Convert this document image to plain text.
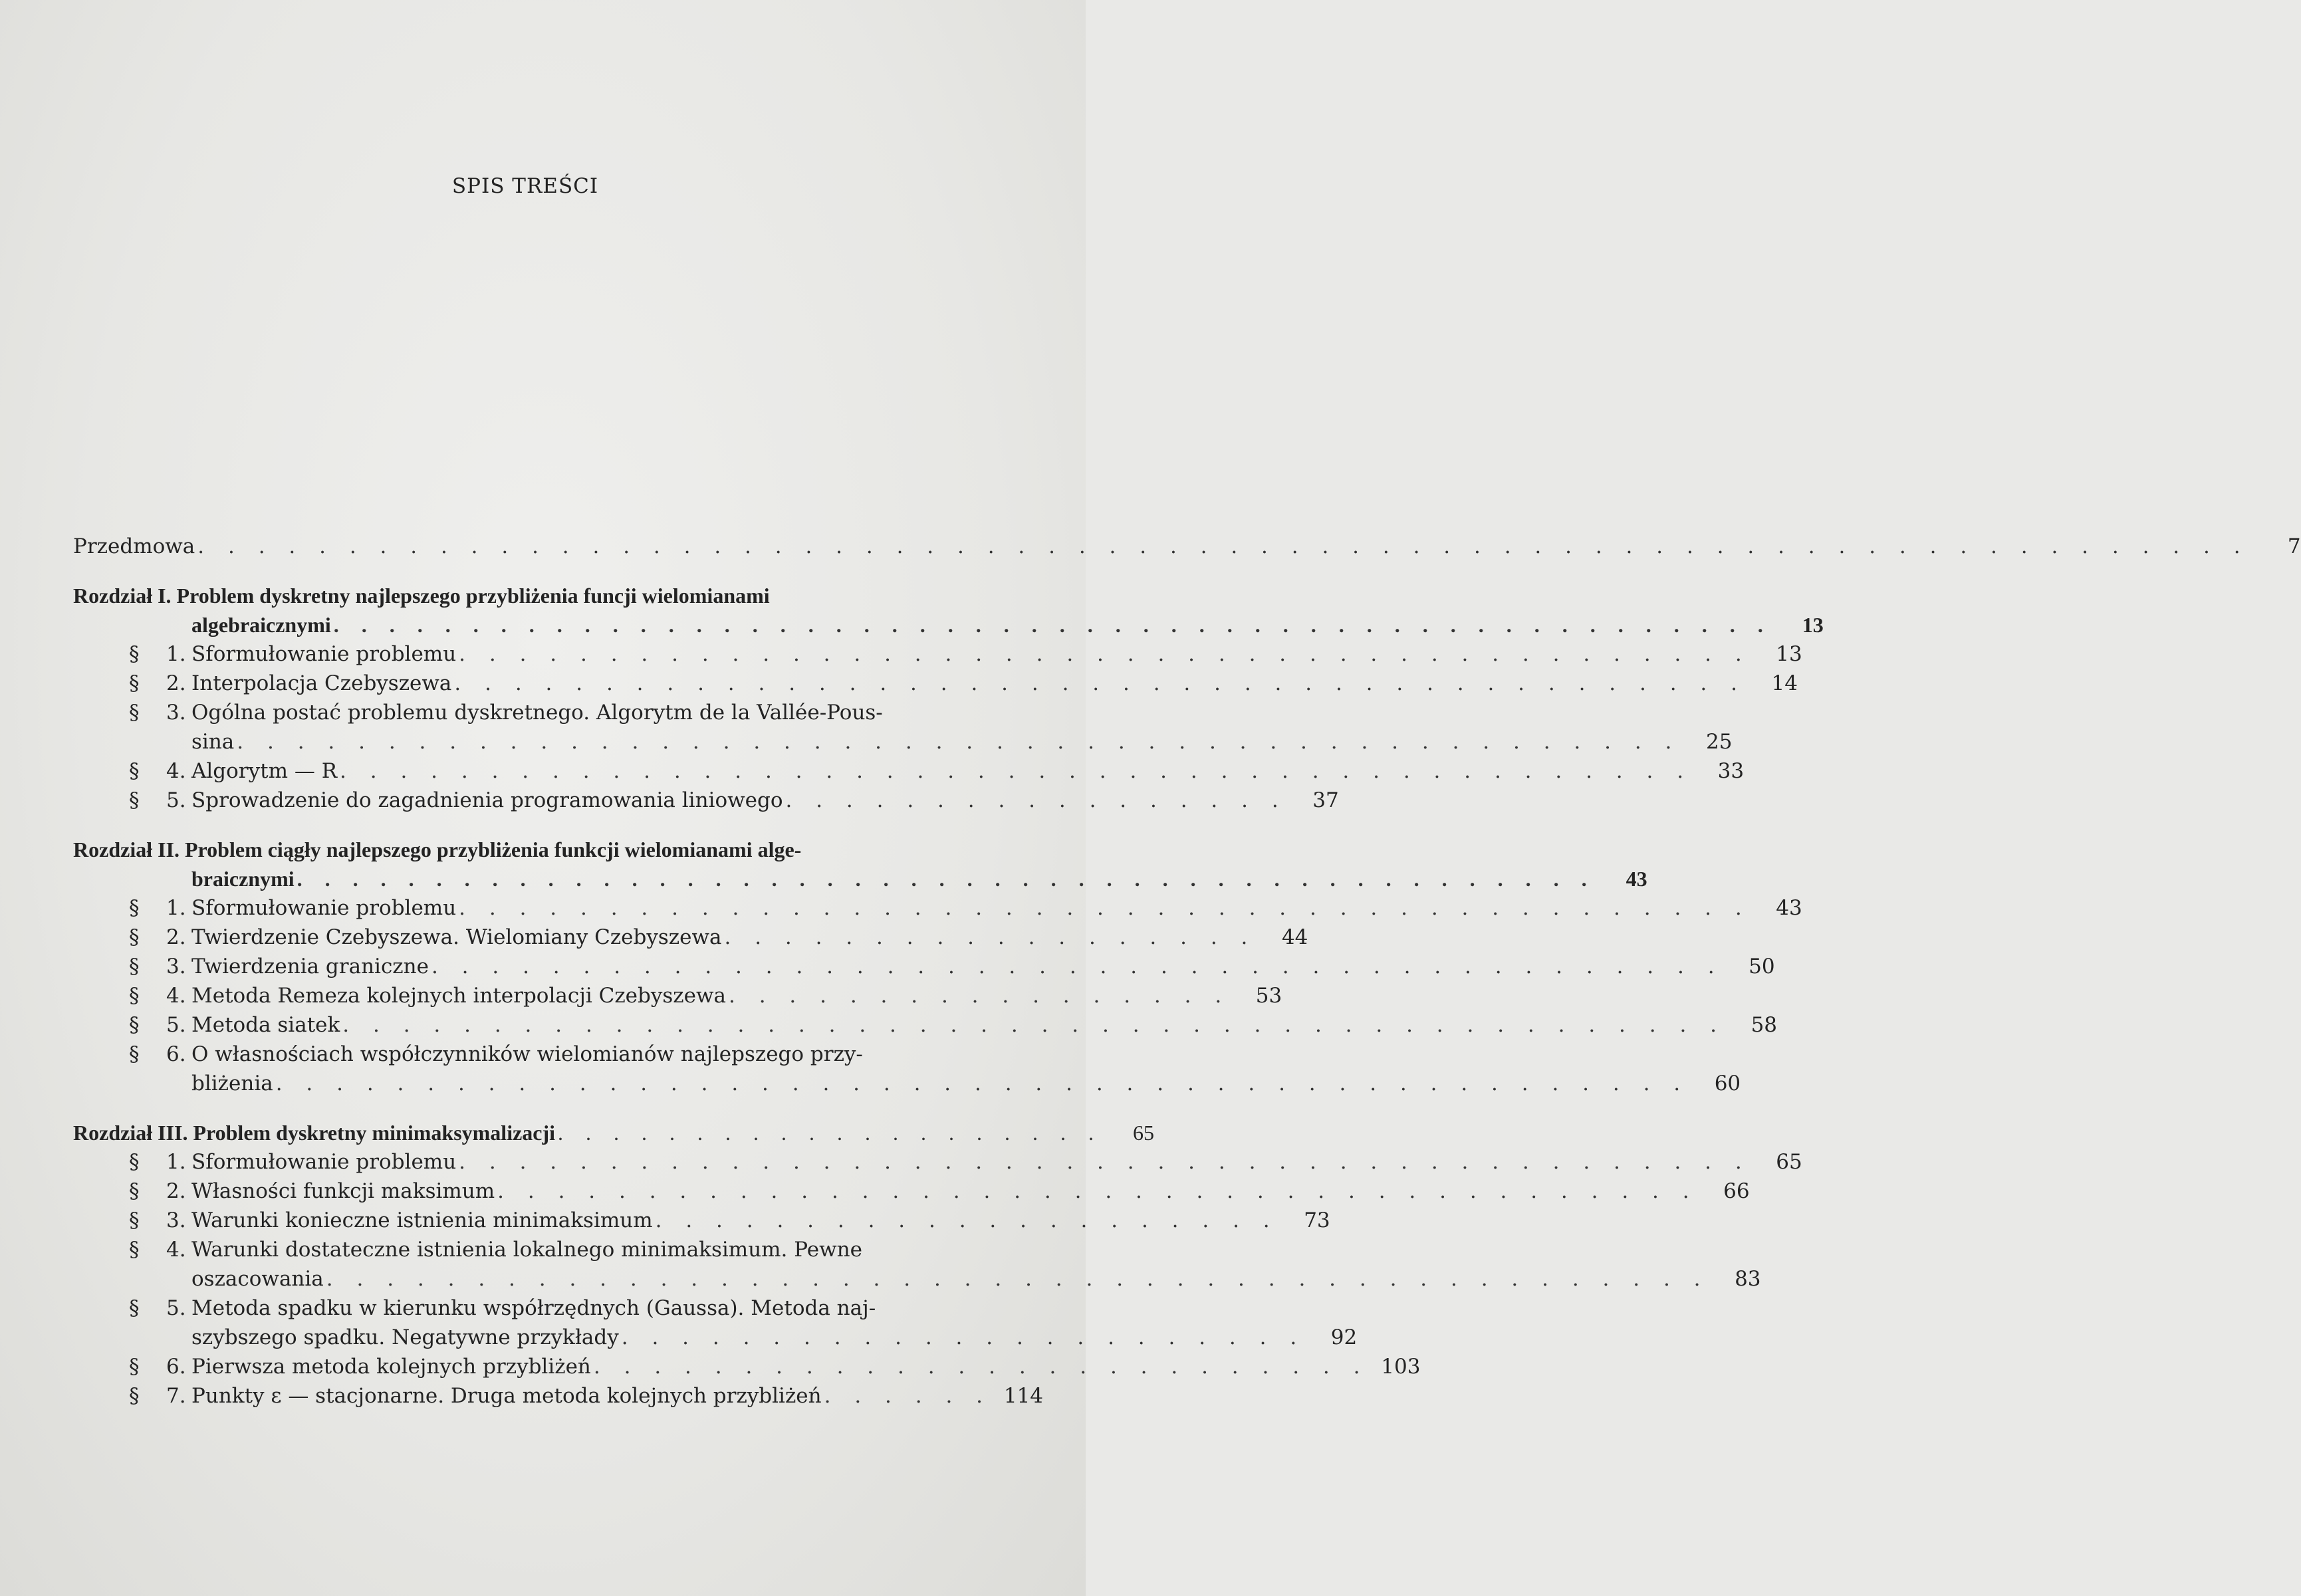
SPIS TREŚCI
Przedmowa . . . . . . . . . . . . . . . . . . . . . . . . . . . . . . . . . . . . . . . . . . . . . . . . . . . . . . . . . . . . . . . . . . . .	7
Rozdział I. Problem dyskretny najlepszego przybliżenia funcji wielomianami
algebraicznymi . . . . . . . . . . . . . . . . . . . . . . . . . . . . . . . . . . . . . . . . . . . . . . . . . . . .	13
§ 1. Sformułowanie problemu . . . . . . . . . . . . . . . . . . . . . . . . . . . . . . . . . . . . . . . . . . .	13
§ 2. Interpolacja Czebyszewa . . . . . . . . . . . . . . . . . . . . . . . . . . . . . . . . . . . . . . . . . . .	14
§ 3. Ogólna postać problemu dyskretnego. Algorytm de la Vallée-Pous-
sina . . . . . . . . . . . . . . . . . . . . . . . . . . . . . . . . . . . . . . . . . . . . . . . .	25
§ 4. Algorytm — R . . . . . . . . . . . . . . . . . . . . . . . . . . . . . . . . . . . . . . . . . . . . .	33
§ 5. Sprowadzenie do zagadnienia programowania liniowego . . . . . . . . . . . . . . . . .	37
Rozdział II. Problem ciągły najlepszego przybliżenia funkcji wielomianami alge-
braicznymi . . . . . . . . . . . . . . . . . . . . . . . . . . . . . . . . . . . . . . . . . . . . . . .	43
§ 1. Sformułowanie problemu . . . . . . . . . . . . . . . . . . . . . . . . . . . . . . . . . . . . . . . . . . .	43
§ 2. Twierdzenie Czebyszewa. Wielomiany Czebyszewa . . . . . . . . . . . . . . . . . .	44
§ 3. Twierdzenia graniczne . . . . . . . . . . . . . . . . . . . . . . . . . . . . . . . . . . . . . . . . . . .	50
§ 4. Metoda Remeza kolejnych interpolacji Czebyszewa . . . . . . . . . . . . . . . . .	53
§ 5. Metoda siatek . . . . . . . . . . . . . . . . . . . . . . . . . . . . . . . . . . . . . . . . . . . . . .	58
§ 6. O własnościach współczynników wielomianów najlepszego przy-
bliżenia . . . . . . . . . . . . . . . . . . . . . . . . . . . . . . . . . . . . . . . . . . . . . . .	60
Rozdział III. Problem dyskretny minimaksymalizacji . . . . . . . . . . . . . . . . . . . .	65
§ 1. Sformułowanie problemu . . . . . . . . . . . . . . . . . . . . . . . . . . . . . . . . . . . . . . . . . . .	65
§ 2. Własności funkcji maksimum . . . . . . . . . . . . . . . . . . . . . . . . . . . . . . . . . . . . . . . .	66
§ 3. Warunki konieczne istnienia minimaksimum . . . . . . . . . . . . . . . . . . . . .	73
§ 4. Warunki dostateczne istnienia lokalnego minimaksimum. Pewne
oszacowania . . . . . . . . . . . . . . . . . . . . . . . . . . . . . . . . . . . . . . . . . . . . . .	83
§ 5. Metoda spadku w kierunku współrzędnych (Gaussa). Metoda naj-
szybszego spadku. Negatywne przykłady . . . . . . . . . . . . . . . . . . . . . . .	92
§ 6. Pierwsza metoda kolejnych przybliżeń . . . . . . . . . . . . . . . . . . . . . . . . . . 103
§ 7. Punkty ε — stacjonarne. Druga metoda kolejnych przybliżeń . . . . . . 114
